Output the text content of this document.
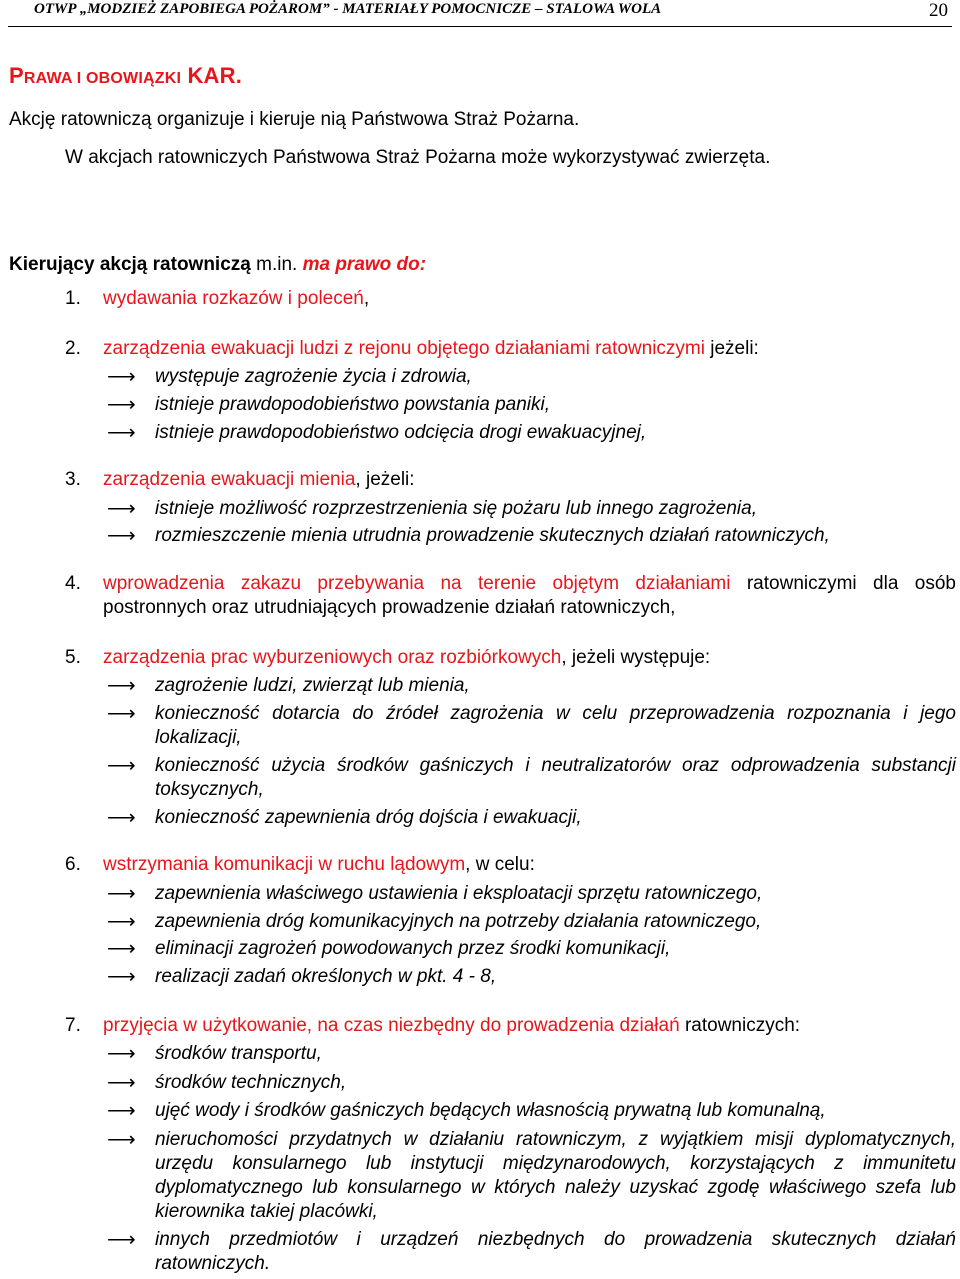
OTWP „MODZIEŻ ZAPOBIEGA POŻAROM” - MATERIAŁY POMOCNICZE – STALOWA WOLA	20
PRAWA I OBOWIĄZKI KAR.
Akcję ratowniczą organizuje i kieruje nią Państwowa Straż Pożarna.
W akcjach ratowniczych Państwowa Straż Pożarna może wykorzystywać zwierzęta.
Kierujący akcją ratowniczą m.in. ma prawo do:
1. wydawania rozkazów i poleceń,
2. zarządzenia ewakuacji ludzi z rejonu objętego działaniami ratowniczymi jeżeli:
⟶ występuje zagrożenie życia i zdrowia,
⟶ istnieje prawdopodobieństwo powstania paniki,
⟶ istnieje prawdopodobieństwo odcięcia drogi ewakuacyjnej,
3. zarządzenia ewakuacji mienia, jeżeli:
⟶ istnieje możliwość rozprzestrzenienia się pożaru lub innego zagrożenia,
⟶ rozmieszczenie mienia utrudnia prowadzenie skutecznych działań ratowniczych,
4. wprowadzenia zakazu przebywania na terenie objętym działaniami ratowniczymi dla osób postronnych oraz utrudniających prowadzenie działań ratowniczych,
5. zarządzenia prac wyburzeniowych oraz rozbiórkowych, jeżeli występuje:
⟶ zagrożenie ludzi, zwierząt lub mienia,
⟶ konieczność dotarcia do źródeł zagrożenia w celu przeprowadzenia rozpoznania i jego lokalizacji,
⟶ konieczność użycia środków gaśniczych i neutralizatorów oraz odprowadzenia substancji toksycznych,
⟶ konieczność zapewnienia dróg dojścia i ewakuacji,
6. wstrzymania komunikacji w ruchu lądowym, w celu:
⟶ zapewnienia właściwego ustawienia i eksploatacji sprzętu ratowniczego,
⟶ zapewnienia dróg komunikacyjnych na potrzeby działania ratowniczego,
⟶ eliminacji zagrożeń powodowanych przez środki komunikacji,
⟶ realizacji zadań określonych w pkt. 4 - 8,
7. przyjęcia w użytkowanie, na czas niezbędny do prowadzenia działań ratowniczych:
⟶ środków transportu,
⟶ środków technicznych,
⟶ ujęć wody i środków gaśniczych będących własnością prywatną lub komunalną,
⟶ nieruchomości przydatnych w działaniu ratowniczym, z wyjątkiem misji dyplomatycznych, urzędu konsularnego lub instytucji międzynarodowych, korzystających z immunitetu dyplomatycznego lub konsularnego w których należy uzyskać zgodę właściwego szefa lub kierownika takiej placówki,
⟶ innych przedmiotów i urządzeń niezbędnych do prowadzenia skutecznych działań ratowniczych.
